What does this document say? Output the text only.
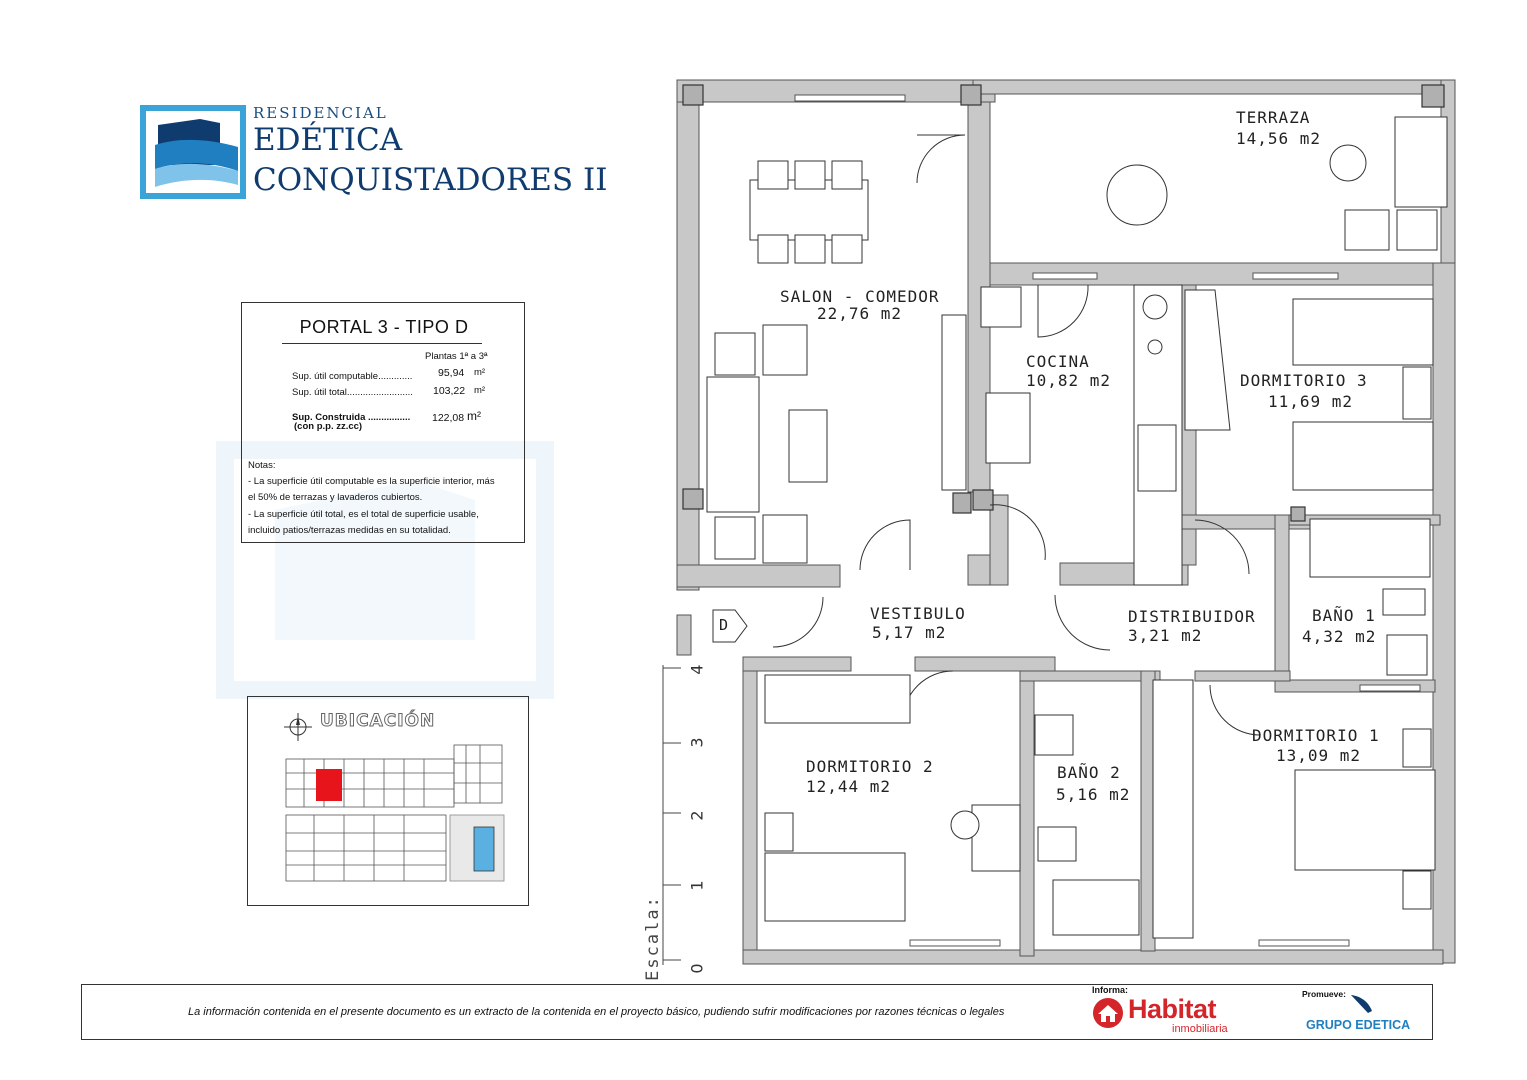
RESIDENCIAL
EDÉTICA
CONQUISTADORES II
PORTAL 3 - TIPO D
Plantas 1ª a 3ª
Sup. útil computable............. 95,94 m²
Sup. útil total......................... 103,22 m²
Sup. Construida ................ 122,08 m²
(con p.p. zz.cc)
Notas:
- La superficie útil computable es la superficie interior, más
el 50% de terrazas y lavaderos cubiertos.
- La superficie útil total, es el total de superficie usable,
incluido patios/terrazas medidas en su totalidad.
UBICACIÓN
D
TERRAZA
14,56 m2
SALON - COMEDOR
22,76 m2
COCINA
10,82 m2	DORMITORIO 3
11,69 m2
VESTIBULO
5,17 m2
DISTRIBUIDOR
3,21 m2
BAÑO 1
4,32 m2
DORMITORIO 2
12,44 m2
BAÑO 2
5,16 m2
DORMITORIO 1
13,09 m2
0
1
2
3
4
Escala:
La información contenida en el presente documento es un extracto de la contenida en el proyecto básico, pudiendo sufrir modificaciones por razones técnicas o legales
Informa:
Habitat
inmobiliaria
Promueve:
GRUPO EDETICA
